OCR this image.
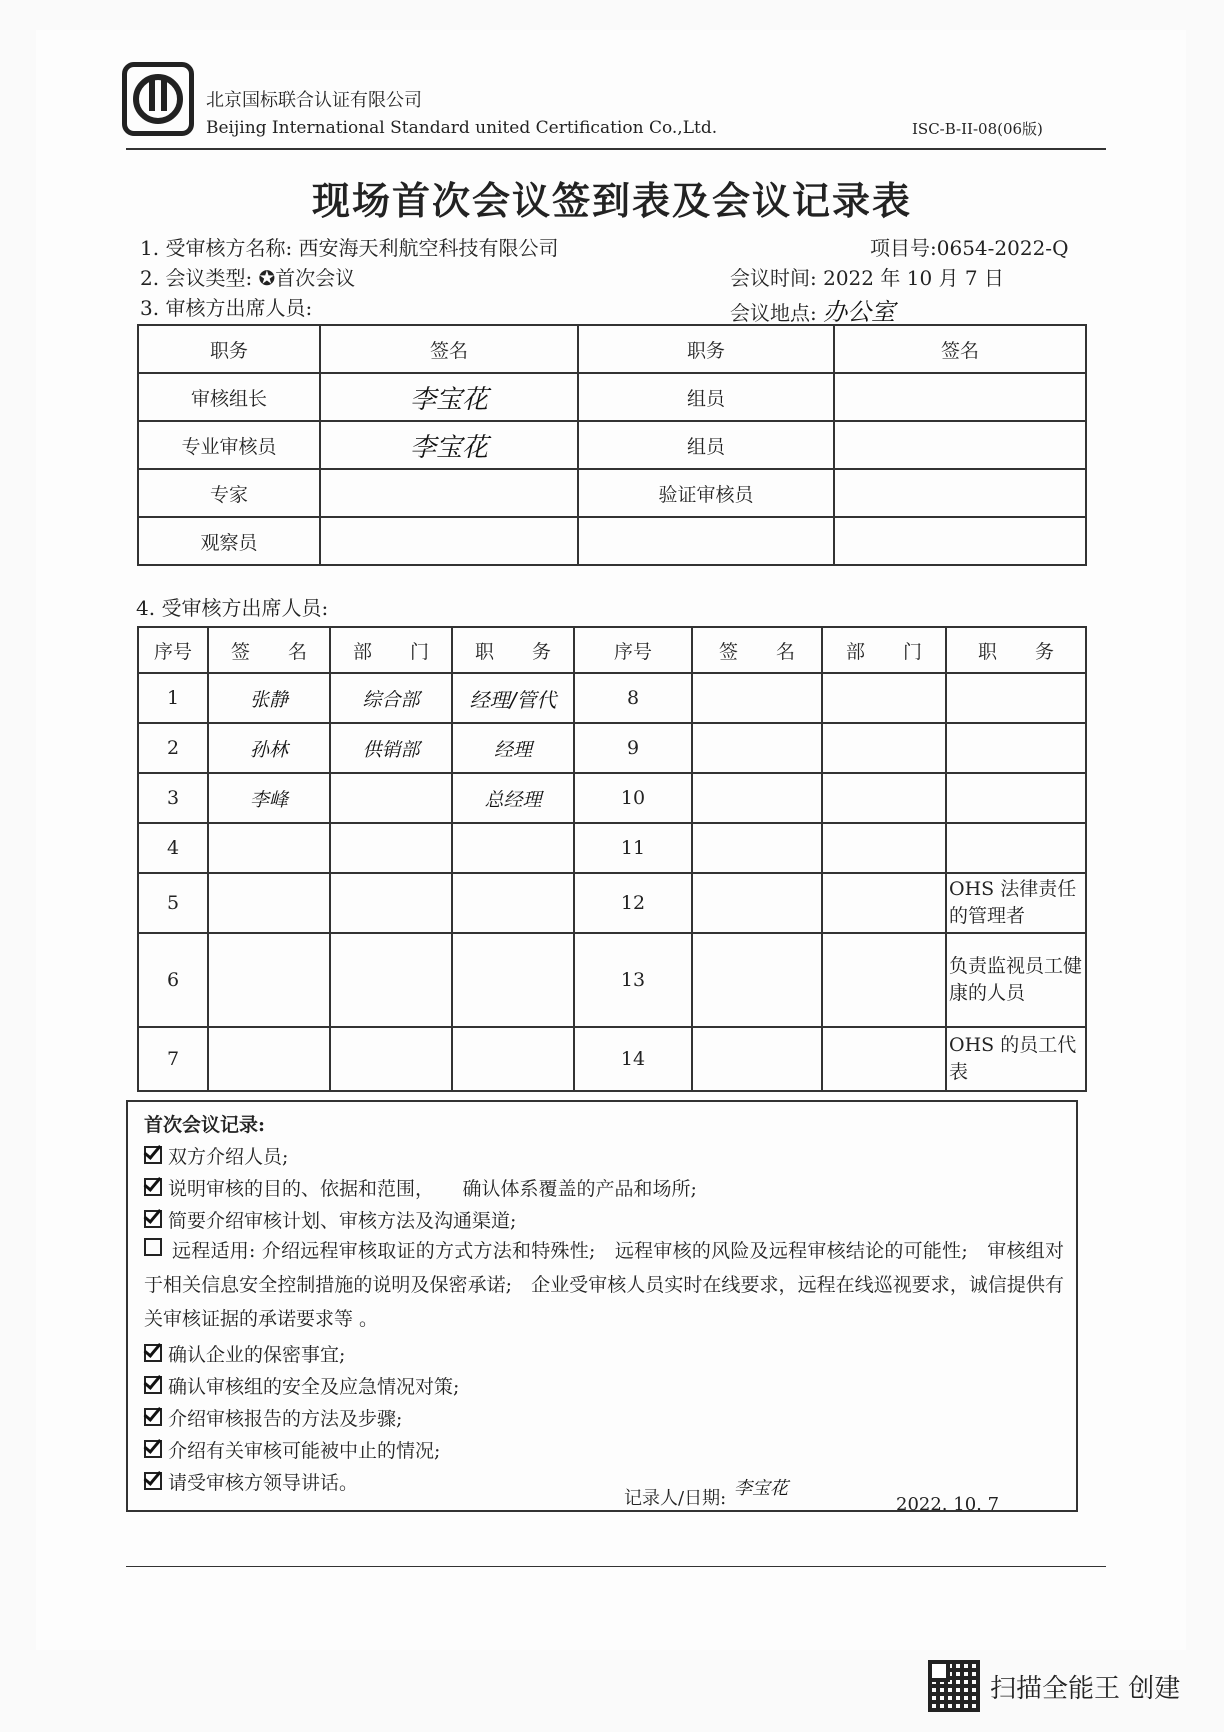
北京国标联合认证有限公司
Beijing International Standard united Certification Co.,Ltd.	ISC-B-II-08(06版)
现场首次会议签到表及会议记录表
1. 受审核方名称: 西安海天利航空科技有限公司	项目号:0654-2022-Q
2. 会议类型: ✪首次会议	会议时间: 2022 年 10 月 7 日
3. 审核方出席人员:	会议地点: 办公室
职务	签名	职务	签名
审核组长	李宝花	组员	
专业审核员	李宝花	组员	
专家		验证审核员	
观察员			
4. 受审核方出席人员:
序号	签　　名	部　　门	职　　务	序号	签　　名	部　　门	职　　务
1	张静	综合部	经理/管代	8			
2	孙林	供销部	经理	9			
3	李峰		总经理	10			
4				11			
5				12			OHS 法律责任的管理者
6				13			负责监视员工健康的人员
7				14			OHS 的员工代表
首次会议记录:
双方介绍人员;
说明审核的目的、依据和范围，　　确认体系覆盖的产品和场所;
简要介绍审核计划、审核方法及沟通渠道;
远程适用: 介绍远程审核取证的方式方法和特殊性;　远程审核的风险及远程审核结论的可能性;　审核组对于相关信息安全控制措施的说明及保密承诺;　企业受审核人员实时在线要求，远程在线巡视要求，诚信提供有关审核证据的承诺要求等 。
确认企业的保密事宜;
确认审核组的安全及应急情况对策;
介绍审核报告的方法及步骤;
介绍有关审核可能被中止的情况;
请受审核方领导讲话。
记录人/日期: 李宝花
2022. 10. 7
扫描全能王 创建
